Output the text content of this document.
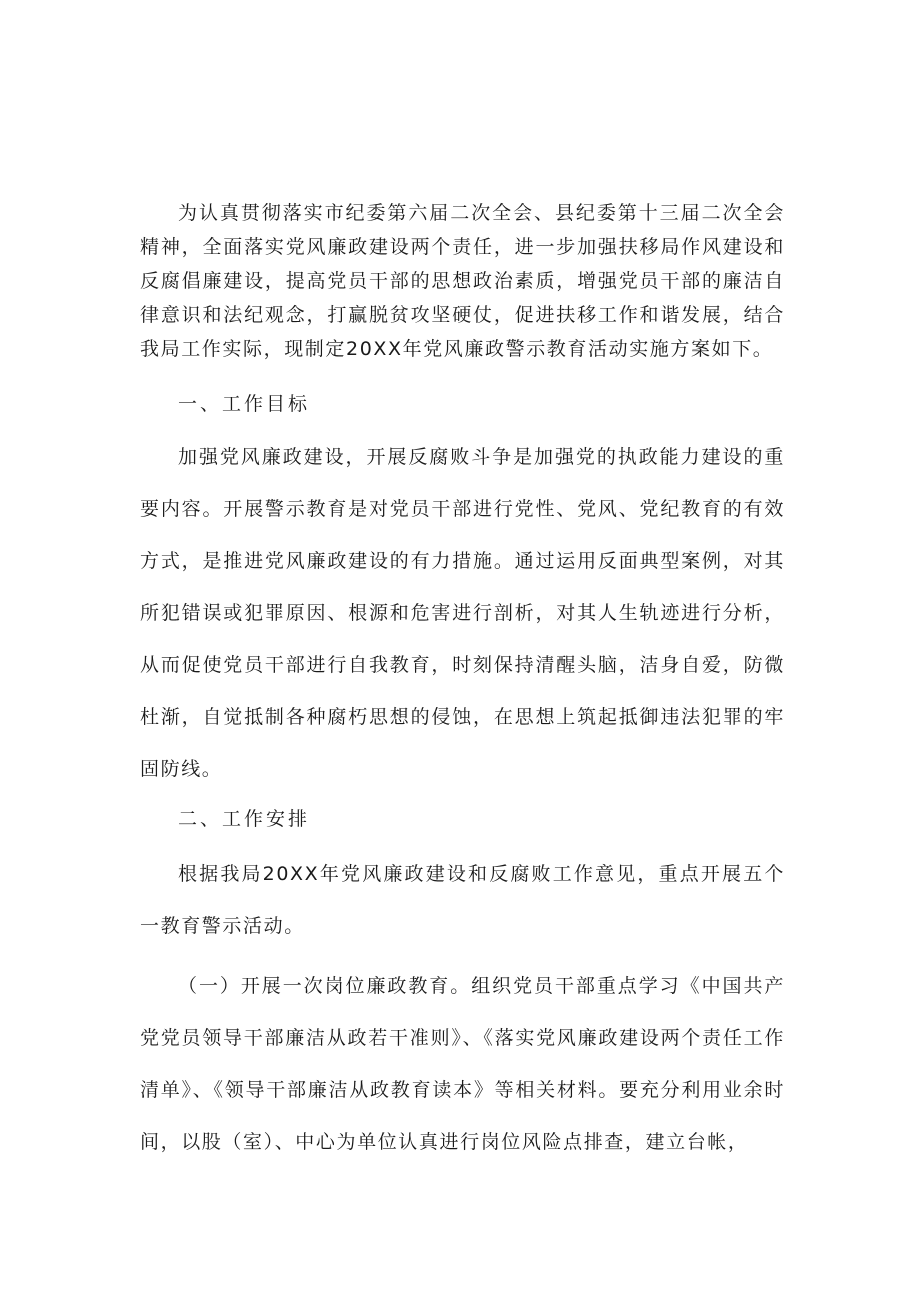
为认真贯彻落实市纪委第六届二次全会、县纪委第十三届二次全会精神，全面落实党风廉政建设两个责任，进一步加强扶移局作风建设和反腐倡廉建设，提高党员干部的思想政治素质，增强党员干部的廉洁自律意识和法纪观念，打赢脱贫攻坚硬仗，促进扶移工作和谐发展，结合我局工作实际，现制定20XX年党风廉政警示教育活动实施方案如下。

一、工作目标

加强党风廉政建设，开展反腐败斗争是加强党的执政能力建设的重要内容。开展警示教育是对党员干部进行党性、党风、党纪教育的有效方式，是推进党风廉政建设的有力措施。通过运用反面典型案例，对其所犯错误或犯罪原因、根源和危害进行剖析，对其人生轨迹进行分析，从而促使党员干部进行自我教育，时刻保持清醒头脑，洁身自爱，防微杜渐，自觉抵制各种腐朽思想的侵蚀，在思想上筑起抵御违法犯罪的牢固防线。

二、工作安排

根据我局20XX年党风廉政建设和反腐败工作意见，重点开展五个一教育警示活动。

（一）开展一次岗位廉政教育。组织党员干部重点学习《中国共产党党员领导干部廉洁从政若干准则》、《落实党风廉政建设两个责任工作清单》、《领导干部廉洁从政教育读本》等相关材料。要充分利用业余时间，以股（室）、中心为单位认真进行岗位风险点排查，建立台帐，
